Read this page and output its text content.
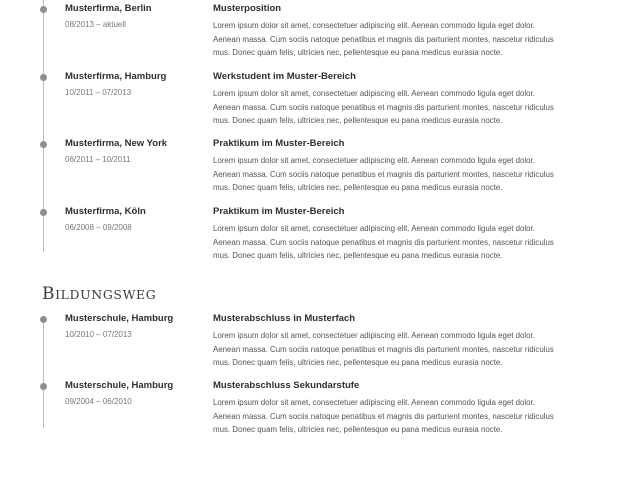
Musterfirma, Berlin
08/2013 – aktuell
Musterposition
Lorem ipsum dolor sit amet, consectetuer adipiscing elit. Aenean commodo ligula eget dolor.
Aenean massa. Cum sociis natoque penatibus et magnis dis parturient montes, nascetur ridiculus
mus. Donec quam felis, ultricies nec, pellentesque eu pana medicus eurasia nocte.
Musterfirma, Hamburg
10/2011 – 07/2013
Werkstudent im Muster-Bereich
Lorem ipsum dolor sit amet, consectetuer adipiscing elit. Aenean commodo ligula eget dolor.
Aenean massa. Cum sociis natoque penatibus et magnis dis parturient montes, nascetur ridiculus
mus. Donec quam felis, ultricies nec, pellentesque eu pana medicus eurasia nocte.
Musterfirma, New York
06/2011 – 10/2011
Praktikum im Muster-Bereich
Lorem ipsum dolor sit amet, consectetuer adipiscing elit. Aenean commodo ligula eget dolor.
Aenean massa. Cum sociis natoque penatibus et magnis dis parturient montes, nascetur ridiculus
mus. Donec quam felis, ultricies nec, pellentesque eu pana medicus eurasia nocte.
Musterfirma, Köln
06/2008 – 09/2008
Praktikum im Muster-Bereich
Lorem ipsum dolor sit amet, consectetuer adipiscing elit. Aenean commodo ligula eget dolor.
Aenean massa. Cum sociis natoque penatibus et magnis dis parturient montes, nascetur ridiculus
mus. Donec quam felis, ultricies nec, pellentesque eu pana medicus eurasia nocte.
BILDUNGSWEG
Musterschule, Hamburg
10/2010 – 07/2013
Musterabschluss in Musterfach
Lorem ipsum dolor sit amet, consectetuer adipiscing elit. Aenean commodo ligula eget dolor.
Aenean massa. Cum sociis natoque penatibus et magnis dis parturient montes, nascetur ridiculus
mus. Donec quam felis, ultricies nec, pellentesque eu pana medicus eurasia nocte.
Musterschule, Hamburg
09/2004 – 06/2010
Musterabschluss Sekundarstufe
Lorem ipsum dolor sit amet, consectetuer adipiscing elit. Aenean commodo ligula eget dolor.
Aenean massa. Cum sociis natoque penatibus et magnis dis parturient montes, nascetur ridiculus
mus. Donec quam felis, ultricies nec, pellentesque eu pana medicus eurasia nocte.
